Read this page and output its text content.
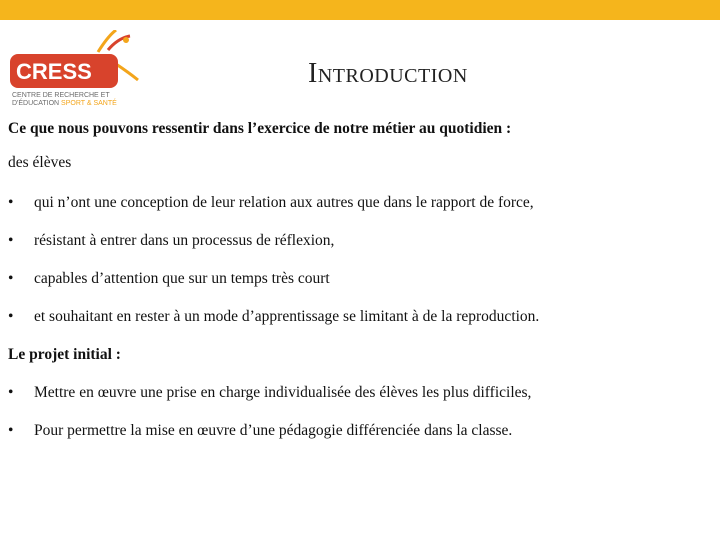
CRESS
CENTRE DE RECHERCHE ET
D'ÉDUCATION SPORT & SANTÉ
Introduction
Ce que nous pouvons ressentir dans l’exercice de notre métier au quotidien :
des élèves
• qui n’ont une conception de leur relation aux autres que dans le rapport de force,
• résistant à entrer dans un processus de réflexion,
• capables d’attention que sur un temps très court
• et souhaitant en rester à un mode d’apprentissage se limitant à de la reproduction.
Le projet initial :
• Mettre en œuvre une prise en charge individualisée des élèves les plus difficiles,
• Pour permettre la mise en œuvre d’une pédagogie différenciée dans la classe.
